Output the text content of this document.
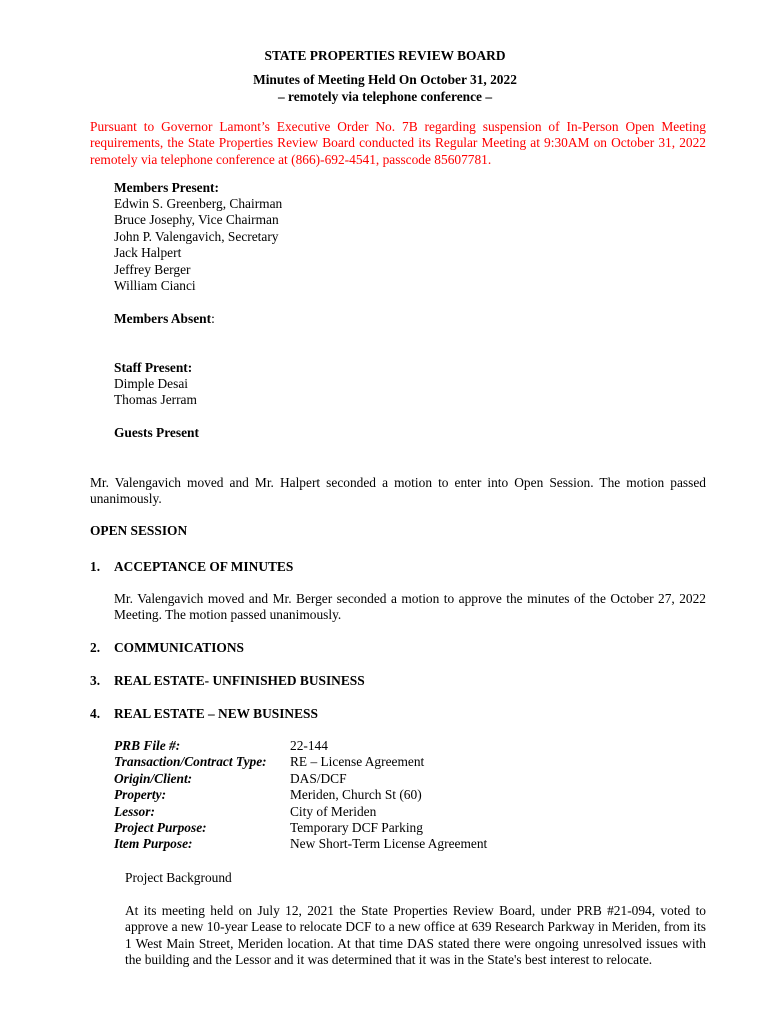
STATE PROPERTIES REVIEW BOARD
Minutes of Meeting Held On October 31, 2022
– remotely via telephone conference –
Pursuant to Governor Lamont’s Executive Order No. 7B regarding suspension of In-Person Open Meeting requirements, the State Properties Review Board conducted its Regular Meeting at 9:30AM on October 31, 2022 remotely via telephone conference at (866)-692-4541, passcode 85607781.
Members Present:
Edwin S. Greenberg, Chairman
Bruce Josephy, Vice Chairman
John P. Valengavich, Secretary
Jack Halpert
Jeffrey Berger
William Cianci
Members Absent:
Staff Present:
Dimple Desai
Thomas Jerram
Guests Present
Mr. Valengavich moved and Mr. Halpert seconded a motion to enter into Open Session. The motion passed unanimously.
OPEN SESSION
1. ACCEPTANCE OF MINUTES
Mr. Valengavich moved and Mr. Berger seconded a motion to approve the minutes of the October 27, 2022 Meeting. The motion passed unanimously.
2. COMMUNICATIONS
3. REAL ESTATE- UNFINISHED BUSINESS
4. REAL ESTATE – NEW BUSINESS
PRB File #:	22-144
Transaction/Contract Type: RE – License Agreement
Origin/Client:	DAS/DCF
Property:	Meriden, Church St (60)
Lessor:	City of Meriden
Project Purpose:	Temporary DCF Parking
Item Purpose:	New Short-Term License Agreement
Project Background
At its meeting held on July 12, 2021 the State Properties Review Board, under PRB #21-094, voted to approve a new 10-year Lease to relocate DCF to a new office at 639 Research Parkway in Meriden, from its 1 West Main Street, Meriden location. At that time DAS stated there were ongoing unresolved issues with the building and the Lessor and it was determined that it was in the State's best interest to relocate.
